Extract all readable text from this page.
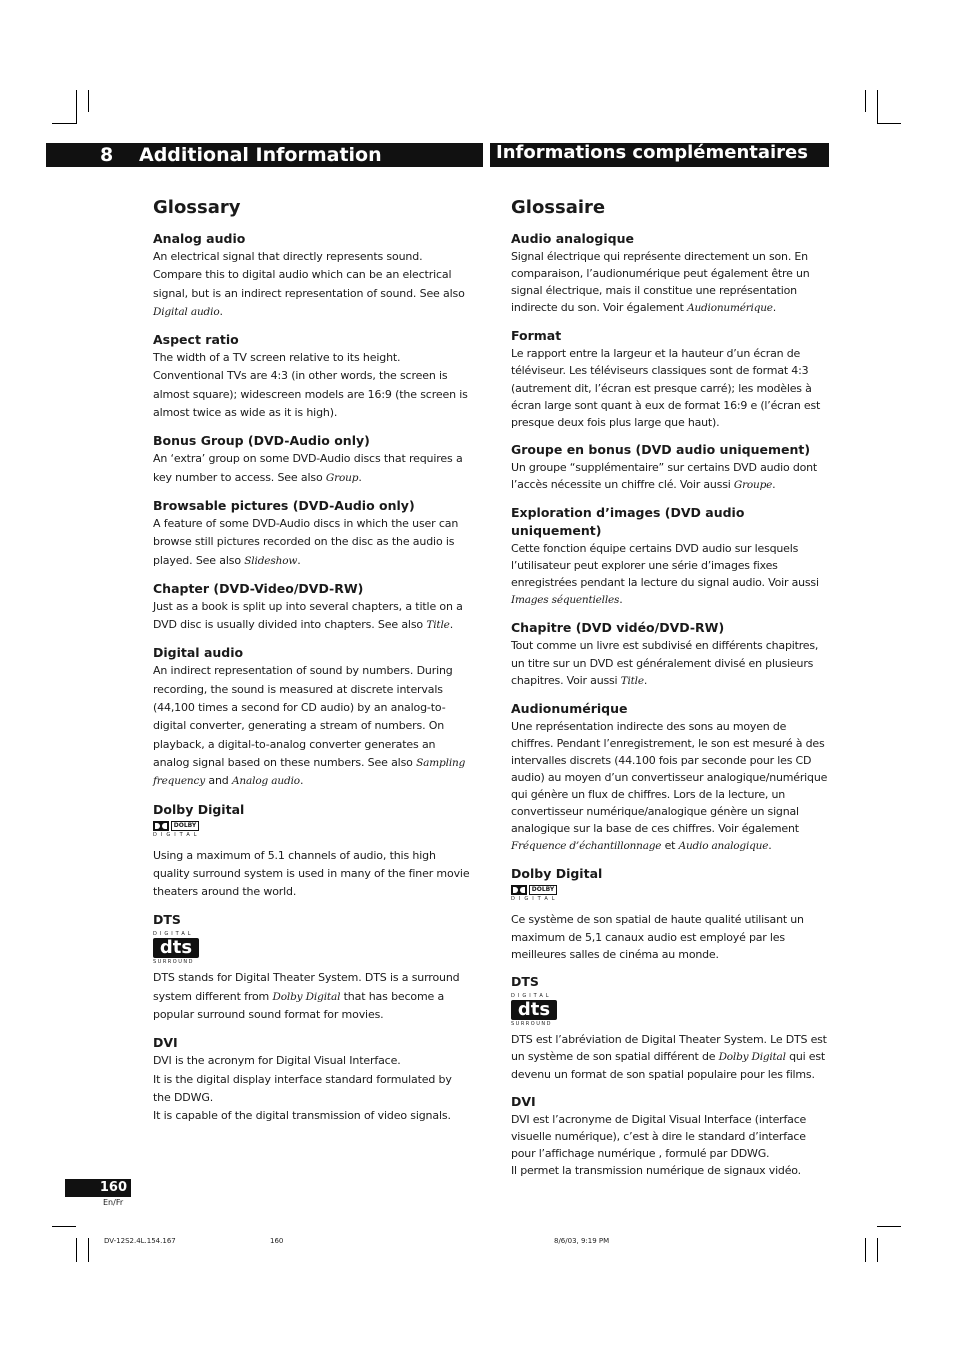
8 Additional Information	Informations complémentaires
Glossary

Analog audio

An electrical signal that directly represents sound. Compare this to digital audio which can be an electrical signal, but is an indirect representation of sound. See also Digital audio.

Aspect ratio

The width of a TV screen relative to its height. Conventional TVs are 4:3 (in other words, the screen is almost square); widescreen models are 16:9 (the screen is almost twice as wide as it is high).

Bonus Group (DVD-Audio only)

An ‘extra’ group on some DVD-Audio discs that requires a key number to access. See also Group.

Browsable pictures (DVD-Audio only)

A feature of some DVD-Audio discs in which the user can browse still pictures recorded on the disc as the audio is played. See also Slideshow.

Chapter (DVD-Video/DVD-RW)

Just as a book is split up into several chapters, a title on a DVD disc is usually divided into chapters. See also Title.

Digital audio

An indirect representation of sound by numbers. During recording, the sound is measured at discrete intervals (44,100 times a second for CD audio) by an analog-to-digital converter, generating a stream of numbers. On playback, a digital-to-analog converter generates an analog signal based on these numbers. See also Sampling frequency and Analog audio.

Dolby Digital

DOLBY
DIGITAL

Using a maximum of 5.1 channels of audio, this high quality surround system is used in many of the finer movie theaters around the world.

DTS

DIGITAL
dts
SURROUND

DTS stands for Digital Theater System. DTS is a surround system different from Dolby Digital that has become a popular surround sound format for movies.

DVI

DVI is the acronym for Digital Visual Interface.

It is the digital display interface standard formulated by the DDWG.

It is capable of the digital transmission of video signals.

Glossaire

Audio analogique

Signal électrique qui représente directement un son. En comparaison, l’audionumérique peut également être un signal électrique, mais il constitue une représentation indirecte du son. Voir également Audionumérique.

Format

Le rapport entre la largeur et la hauteur d’un écran de téléviseur. Les téléviseurs classiques sont de format 4:3 (autrement dit, l’écran est presque carré); les modèles à écran large sont quant à eux de format 16:9 e (l’écran est presque deux fois plus large que haut).

Groupe en bonus (DVD audio uniquement)

Un groupe “supplémentaire” sur certains DVD audio dont l’accès nécessite un chiffre clé. Voir aussi Groupe.

Exploration d’images (DVD audio uniquement)

Cette fonction équipe certains DVD audio sur lesquels l’utilisateur peut explorer une série d’images fixes enregistrées pendant la lecture du signal audio. Voir aussi Images séquentielles.

Chapitre (DVD vidéo/DVD-RW)

Tout comme un livre est subdivisé en différents chapitres, un titre sur un DVD est généralement divisé en plusieurs chapitres. Voir aussi Title.

Audionumérique

Une représentation indirecte des sons au moyen de chiffres. Pendant l’enregistrement, le son est mesuré à des intervalles discrets (44.100 fois par seconde pour les CD audio) au moyen d’un convertisseur analogique/numérique qui génère un flux de chiffres. Lors de la lecture, un convertisseur numérique/analogique génère un signal analogique sur la base de ces chiffres. Voir également Fréquence d’échantillonnage et Audio analogique.

Dolby Digital

DOLBY
DIGITAL

Ce système de son spatial de haute qualité utilisant un maximum de 5,1 canaux audio est employé par les meilleures salles de cinéma au monde.

DTS

DIGITAL
dts
SURROUND

DTS est l’abréviation de Digital Theater System. Le DTS est un système de son spatial différent de Dolby Digital qui est devenu un format de son spatial populaire pour les films.

DVI

DVI est l’acronyme de Digital Visual Interface (interface visuelle numérique), c’est à dire le standard d’interface pour l’affichage numérique , formulé par DDWG.

Il permet la transmission numérique de signaux vidéo.

160
En/Fr
DV-12S2.4L.154.167	160	8/6/03, 9:19 PM
